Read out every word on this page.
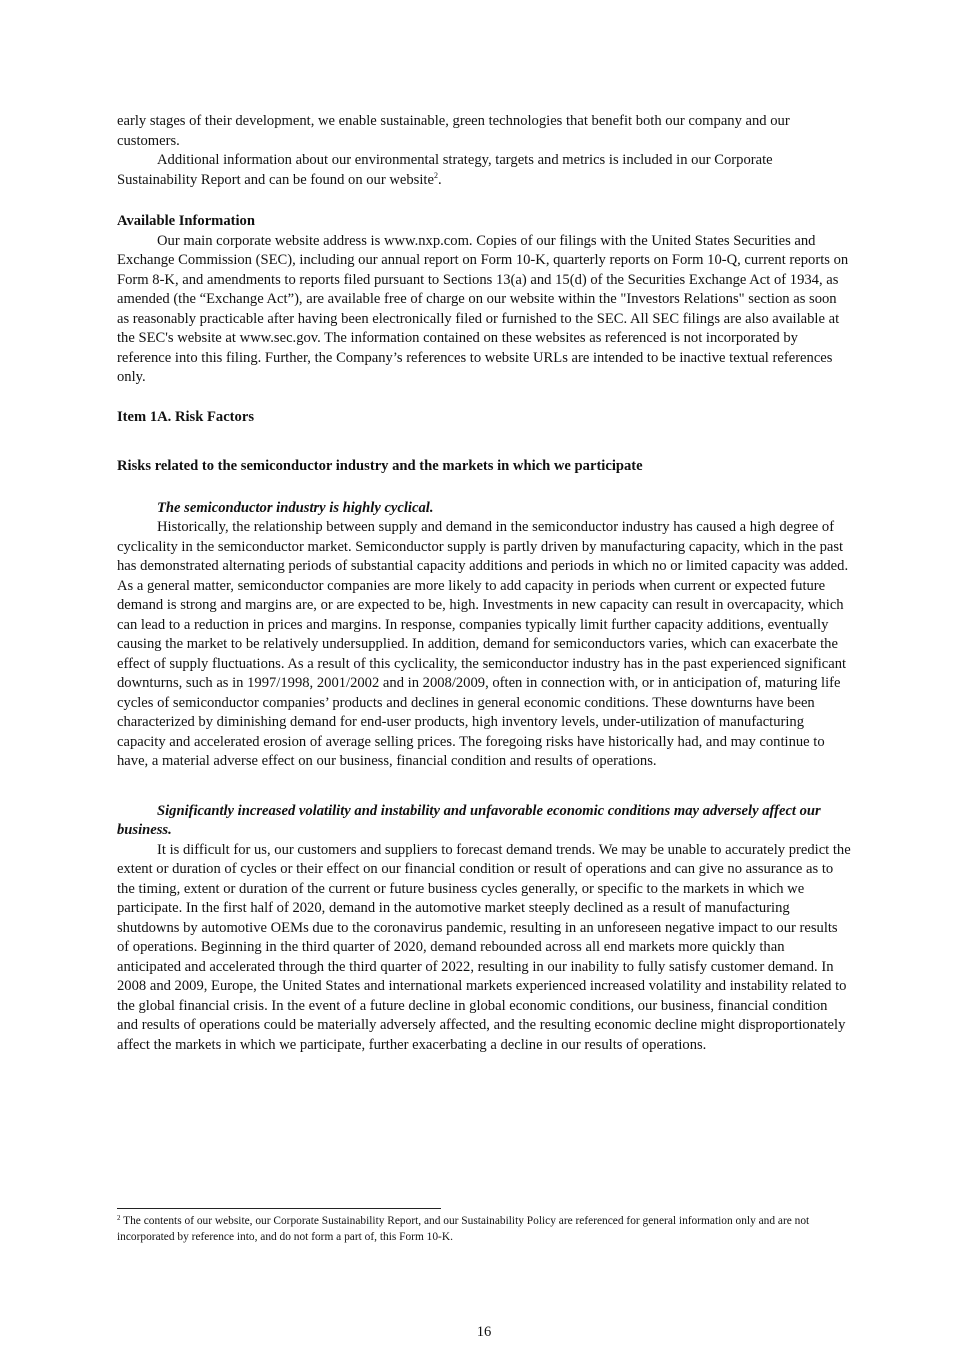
early stages of their development, we enable sustainable, green technologies that benefit both our company and our customers.

Additional information about our environmental strategy, targets and metrics is included in our Corporate Sustainability Report and can be found on our website$^2$.

Available Information

Our main corporate website address is www.nxp.com. Copies of our filings with the United States Securities and Exchange Commission (SEC), including our annual report on Form 10-K, quarterly reports on Form 10-Q, current reports on Form 8-K, and amendments to reports filed pursuant to Sections 13(a) and 15(d) of the Securities Exchange Act of 1934, as amended (the “Exchange Act”), are available free of charge on our website within the "Investors Relations" section as soon as reasonably practicable after having been electronically filed or furnished to the SEC. All SEC filings are also available at the SEC's website at www.sec.gov. The information contained on these websites as referenced is not incorporated by reference into this filing. Further, the Company’s references to website URLs are intended to be inactive textual references only.

Item 1A. Risk Factors

Risks related to the semiconductor industry and the markets in which we participate

The semiconductor industry is highly cyclical.

Historically, the relationship between supply and demand in the semiconductor industry has caused a high degree of cyclicality in the semiconductor market. Semiconductor supply is partly driven by manufacturing capacity, which in the past has demonstrated alternating periods of substantial capacity additions and periods in which no or limited capacity was added. As a general matter, semiconductor companies are more likely to add capacity in periods when current or expected future demand is strong and margins are, or are expected to be, high. Investments in new capacity can result in overcapacity, which can lead to a reduction in prices and margins. In response, companies typically limit further capacity additions, eventually causing the market to be relatively undersupplied. In addition, demand for semiconductors varies, which can exacerbate the effect of supply fluctuations. As a result of this cyclicality, the semiconductor industry has in the past experienced significant downturns, such as in 1997/1998, 2001/2002 and in 2008/2009, often in connection with, or in anticipation of, maturing life cycles of semiconductor companies’ products and declines in general economic conditions. These downturns have been characterized by diminishing demand for end-user products, high inventory levels, under-utilization of manufacturing capacity and accelerated erosion of average selling prices. The foregoing risks have historically had, and may continue to have, a material adverse effect on our business, financial condition and results of operations.

Significantly increased volatility and instability and unfavorable economic conditions may adversely affect our business.

It is difficult for us, our customers and suppliers to forecast demand trends. We may be unable to accurately predict the extent or duration of cycles or their effect on our financial condition or result of operations and can give no assurance as to the timing, extent or duration of the current or future business cycles generally, or specific to the markets in which we participate. In the first half of 2020, demand in the automotive market steeply declined as a result of manufacturing shutdowns by automotive OEMs due to the coronavirus pandemic, resulting in an unforeseen negative impact to our results of operations. Beginning in the third quarter of 2020, demand rebounded across all end markets more quickly than anticipated and accelerated through the third quarter of 2022, resulting in our inability to fully satisfy customer demand. In 2008 and 2009, Europe, the United States and international markets experienced increased volatility and instability related to the global financial crisis. In the event of a future decline in global economic conditions, our business, financial condition and results of operations could be materially adversely affected, and the resulting economic decline might disproportionately affect the markets in which we participate, further exacerbating a decline in our results of operations.

$^2$ The contents of our website, our Corporate Sustainability Report, and our Sustainability Policy are referenced for general information only and are not incorporated by reference into, and do not form a part of, this Form 10-K.
16
